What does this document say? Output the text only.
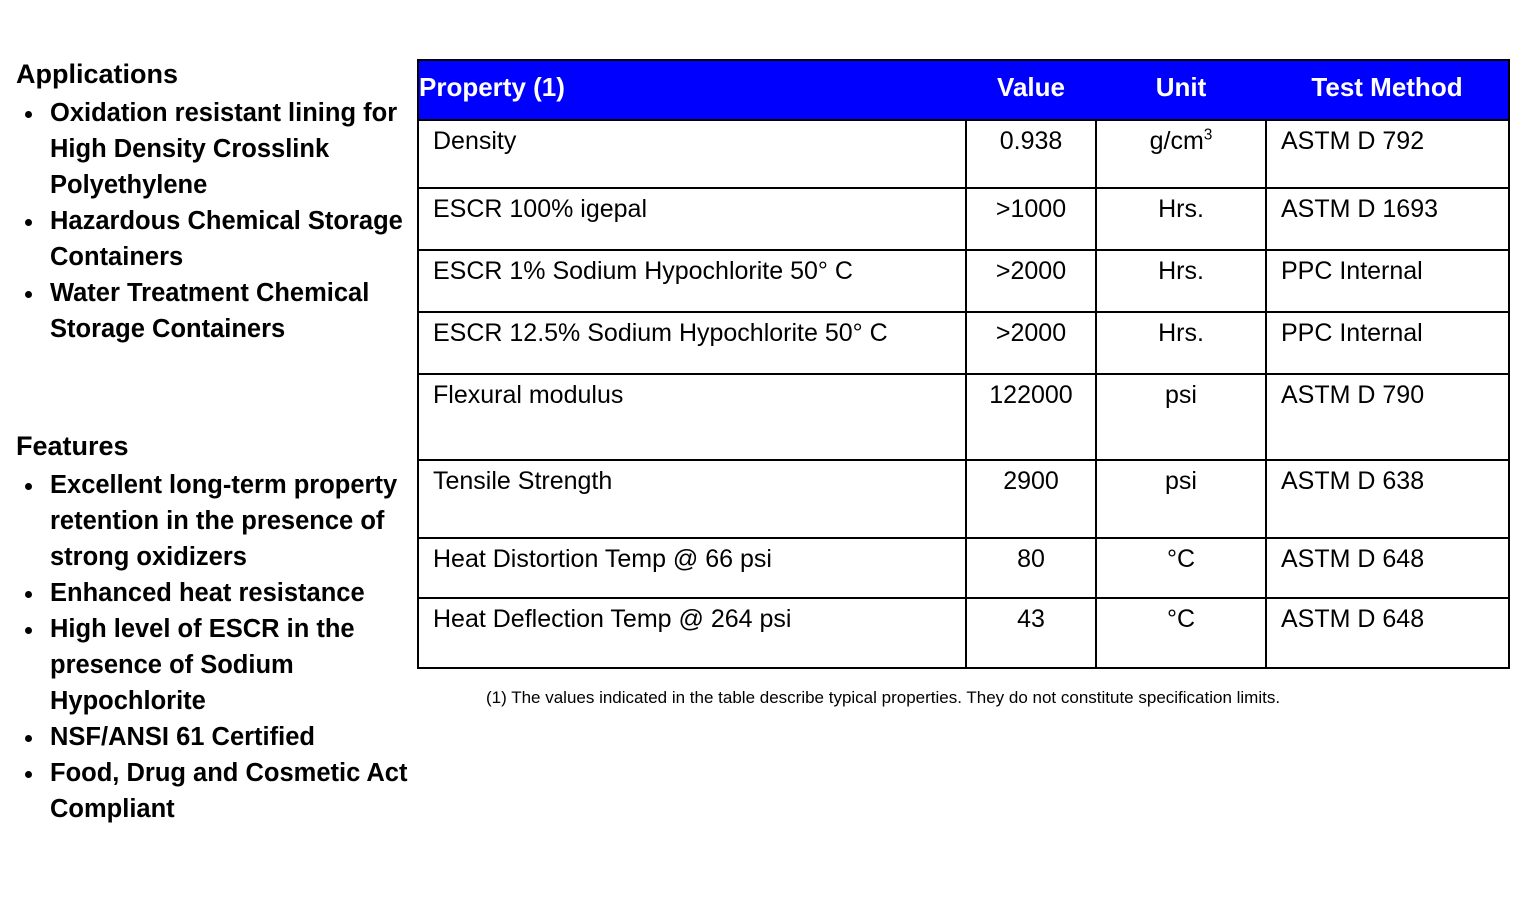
Applications
Oxidation resistant lining for High Density Crosslink Polyethylene
Hazardous Chemical Storage Containers
Water Treatment Chemical Storage Containers
Features
Excellent long-term property retention in the presence of strong oxidizers
Enhanced heat resistance
High level of ESCR in the presence of Sodium Hypochlorite
NSF/ANSI 61 Certified
Food, Drug and Cosmetic Act Compliant
Property (1)	Value	Unit	Test Method
Density	0.938	$g/cm^3$	ASTM D 792
ESCR 100% igepal	>1000	Hrs.	ASTM D 1693
ESCR 1% Sodium Hypochlorite 50° C	>2000	Hrs.	PPC Internal
ESCR 12.5% Sodium Hypochlorite 50° C	>2000	Hrs.	PPC Internal
Flexural modulus	122000	psi	ASTM D 790
Tensile Strength	2900	psi	ASTM D 638
Heat Distortion Temp @ 66 psi	80	°C	ASTM D 648
Heat Deflection Temp @ 264 psi	43	°C	ASTM D 648
(1) The values indicated in the table describe typical properties. They do not constitute specification limits.
